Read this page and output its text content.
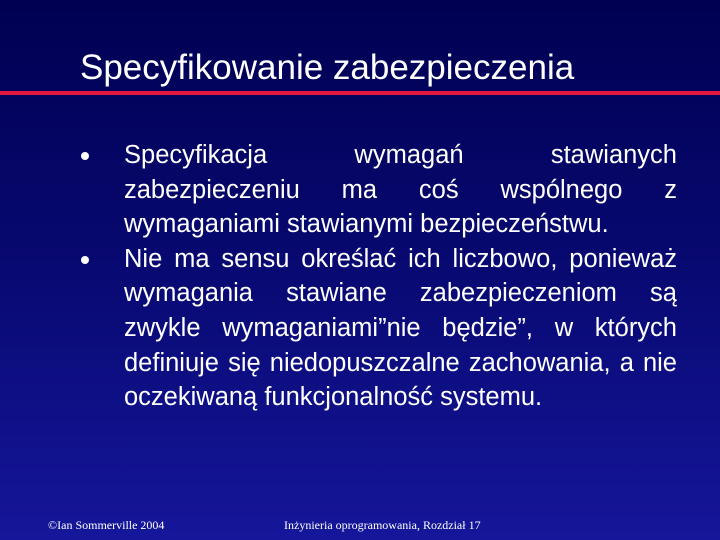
Specyfikowanie zabezpieczenia
Specyfikacja wymagań stawianych zabezpieczeniu ma coś wspólnego z wymaganiami stawianymi bezpieczeństwu.
Nie ma sensu określać ich liczbowo, ponieważ wymagania stawiane zabezpieczeniom są zwykle wymaganiami”nie będzie”, w których definiuje się niedopuszczalne zachowania, a nie oczekiwaną funkcjonalność systemu.
©Ian Sommerville 2004	Inżynieria oprogramowania, Rozdział 17
